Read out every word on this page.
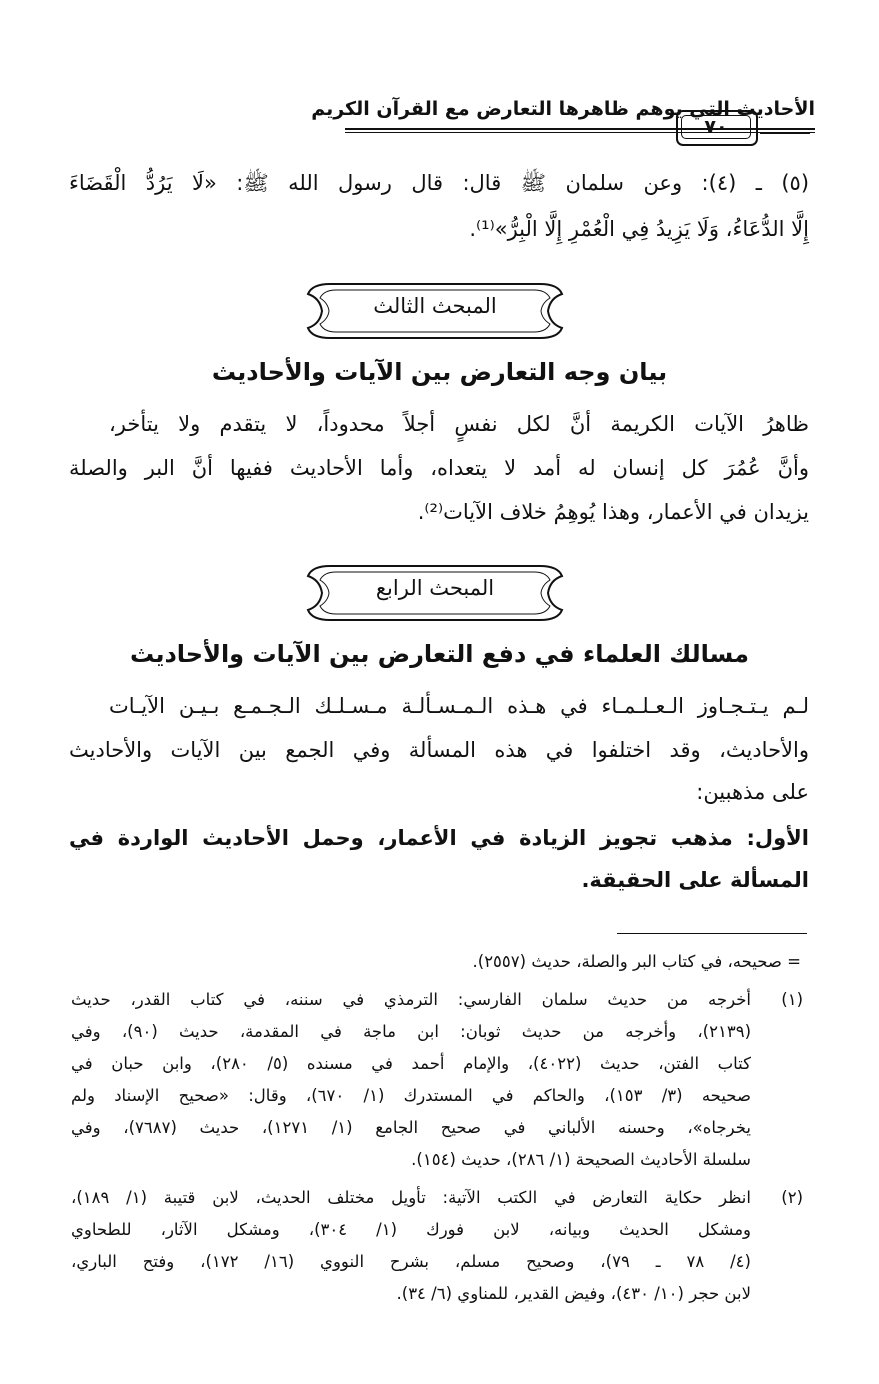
الأحاديث التي يوهم ظاهرها التعارض مع القرآن الكريم
٧٠
(٥) ـ (٤): وعن سلمان ﷺ قال: قال رسول الله ﷺ: «لَا يَرُدُّ الْقَضَاءَ
إِلَّا الدُّعَاءُ، وَلَا يَزِيدُ فِي الْعُمْرِ إِلَّا الْبِرُّ»⁽¹⁾.
المبحث الثالث
بيان وجه التعارض بين الآيات والأحاديث
ظاهرُ الآيات الكريمة أنَّ لكل نفسٍ أجلاً محدوداً، لا يتقدم ولا يتأخر،
وأنَّ عُمُرَ كل إنسان له أمد لا يتعداه، وأما الأحاديث ففيها أنَّ البر والصلة
يزيدان في الأعمار، وهذا يُوهِمُ خلاف الآيات⁽²⁾.
المبحث الرابع
مسالك العلماء في دفع التعارض بين الآيات والأحاديث
لـم يـتـجـاوز الـعـلـمـاء في هـذه الـمـسـألـة مـسـلـك الـجـمـع بـيـن الآيـات
والأحاديث، وقد اختلفوا في هذه المسألة وفي الجمع بين الآيات والأحاديث
على مذهبين:
الأول: مذهب تجويز الزيادة في الأعمار، وحمل الأحاديث الواردة في
المسألة على الحقيقة.
= صحيحه، في كتاب البر والصلة، حديث (٢٥٥٧).
(١)
أخرجه من حديث سلمان الفارسي: الترمذي في سننه، في كتاب القدر، حديث
(٢١٣٩)، وأخرجه من حديث ثوبان: ابن ماجة في المقدمة، حديث (٩٠)، وفي
كتاب الفتن، حديث (٤٠٢٢)، والإمام أحمد في مسنده (٥/ ٢٨٠)، وابن حبان في
صحيحه (٣/ ١٥٣)، والحاكم في المستدرك (١/ ٦٧٠)، وقال: «صحيح الإسناد ولم
يخرجاه»، وحسنه الألباني في صحيح الجامع (١/ ١٢٧١)، حديث (٧٦٨٧)، وفي
سلسلة الأحاديث الصحيحة (١/ ٢٨٦)، حديث (١٥٤).
(٢)
انظر حكاية التعارض في الكتب الآتية: تأويل مختلف الحديث، لابن قتيبة (١/ ١٨٩)،
ومشكل الحديث وبيانه، لابن فورك (١/ ٣٠٤)، ومشكل الآثار، للطحاوي
(٤/ ٧٨ ـ ٧٩)، وصحيح مسلم، بشرح النووي (١٦/ ١٧٢)، وفتح الباري،
لابن حجر (١٠/ ٤٣٠)، وفيض القدير، للمناوي (٦/ ٣٤).
